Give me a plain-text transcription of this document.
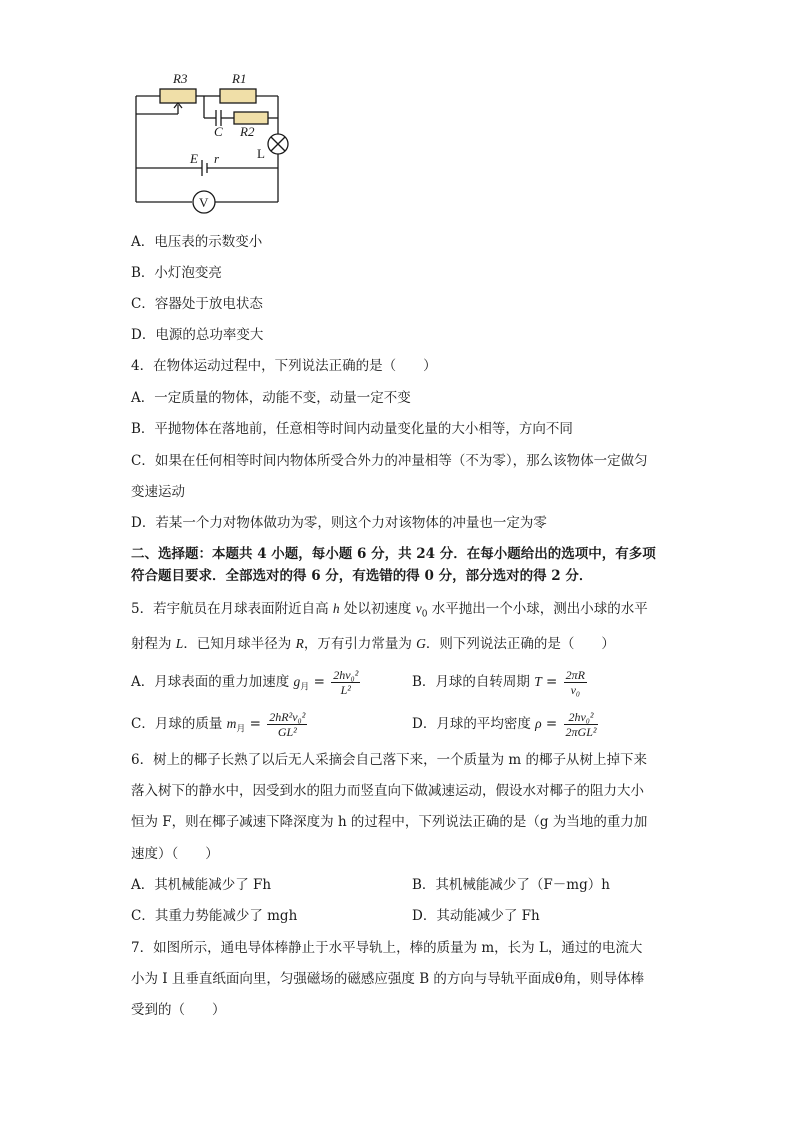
R3	R1
C R2
E r	L
V
A．电压表的示数变小
B．小灯泡变亮
C．容器处于放电状态
D．电源的总功率变大
4．在物体运动过程中，下列说法正确的是（　　）
A．一定质量的物体，动能不变，动量一定不变
B．平抛物体在落地前，任意相等时间内动量变化量的大小相等，方向不同
C．如果在任何相等时间内物体所受合外力的冲量相等（不为零），那么该物体一定做匀
变速运动
D．若某一个力对物体做功为零，则这个力对该物体的冲量也一定为零
二、选择题：本题共 4 小题，每小题 6 分，共 24 分．在每小题给出的选项中，有多项
符合题目要求．全部选对的得 6 分，有选错的得 0 分，部分选对的得 2 分．
5．若宇航员在月球表面附近自高 h 处以初速度 $v_0$ 水平抛出一个小球，测出小球的水平
射程为 L．已知月球半径为 R，万有引力常量为 G．则下列说法正确的是（　　）
A．月球表面的重力加速度 $g_月 = \frac{\text{2hv₀²}}{\text{L²}}$	B．月球的自转周期 $T = \frac{2\pi R}{\text{v₀}}$
C．月球的质量 $m_月 = \frac{\text{2hR²v₀²}}{\text{GL²}}$	D．月球的平均密度 $\rho = \frac{\text{2hv₀²}}{\text{2πGL²}}$
6．树上的椰子长熟了以后无人采摘会自己落下来，一个质量为 m 的椰子从树上掉下来
落入树下的静水中，因受到水的阻力而竖直向下做减速运动，假设水对椰子的阻力大小
恒为 F，则在椰子减速下降深度为 h 的过程中，下列说法正确的是（g 为当地的重力加
速度）（　　）
A．其机械能减少了 Fh	B．其机械能减少了（F－mg）h
C．其重力势能减少了 mgh	D．其动能减少了 Fh
7．如图所示，通电导体棒静止于水平导轨上，棒的质量为 m，长为 L，通过的电流大
小为 I 且垂直纸面向里，匀强磁场的磁感应强度 B 的方向与导轨平面成θ角，则导体棒
受到的（　　）
